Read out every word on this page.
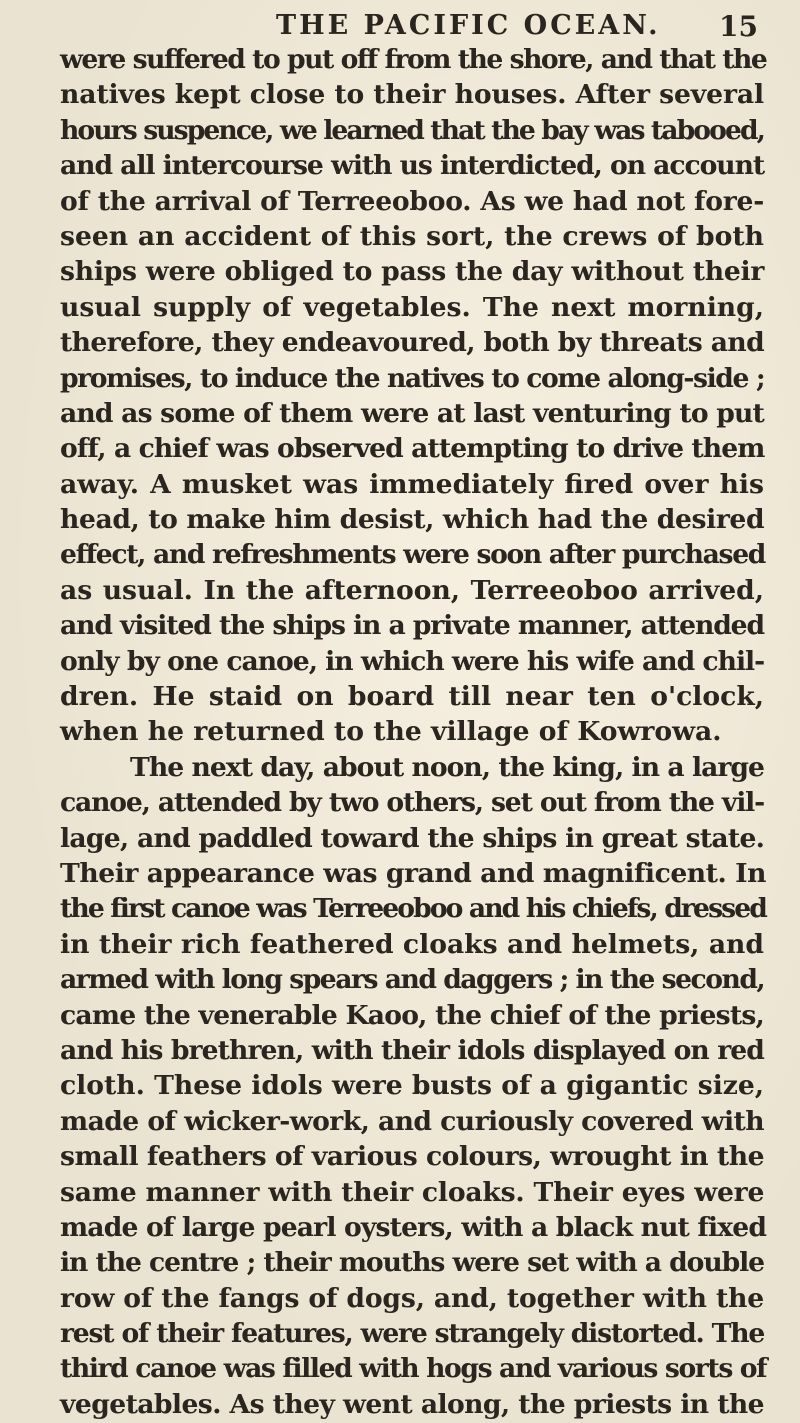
THE PACIFIC OCEAN. 15
were suffered to put off from the shore, and that the
natives kept close to their houses. After several
hours suspence, we learned that the bay was tabooed,
and all intercourse with us interdicted, on account
of the arrival of Terreeoboo. As we had not fore-
seen an accident of this sort, the crews of both
ships were obliged to pass the day without their
usual supply of vegetables. The next morning,
therefore, they endeavoured, both by threats and
promises, to induce the natives to come along-side ;
and as some of them were at last venturing to put
off, a chief was observed attempting to drive them
away. A musket was immediately fired over his
head, to make him desist, which had the desired
effect, and refreshments were soon after purchased
as usual. In the afternoon, Terreeoboo arrived,
and visited the ships in a private manner, attended
only by one canoe, in which were his wife and chil-
dren. He staid on board till near ten o'clock,
when he returned to the village of Kowrowa.
The next day, about noon, the king, in a large
canoe, attended by two others, set out from the vil-
lage, and paddled toward the ships in great state.
Their appearance was grand and magnificent. In
the first canoe was Terreeoboo and his chiefs, dressed
in their rich feathered cloaks and helmets, and
armed with long spears and daggers ; in the second,
came the venerable Kaoo, the chief of the priests,
and his brethren, with their idols displayed on red
cloth. These idols were busts of a gigantic size,
made of wicker-work, and curiously covered with
small feathers of various colours, wrought in the
same manner with their cloaks. Their eyes were
made of large pearl oysters, with a black nut fixed
in the centre ; their mouths were set with a double
row of the fangs of dogs, and, together with the
rest of their features, were strangely distorted. The
third canoe was filled with hogs and various sorts of
vegetables. As they went along, the priests in the
